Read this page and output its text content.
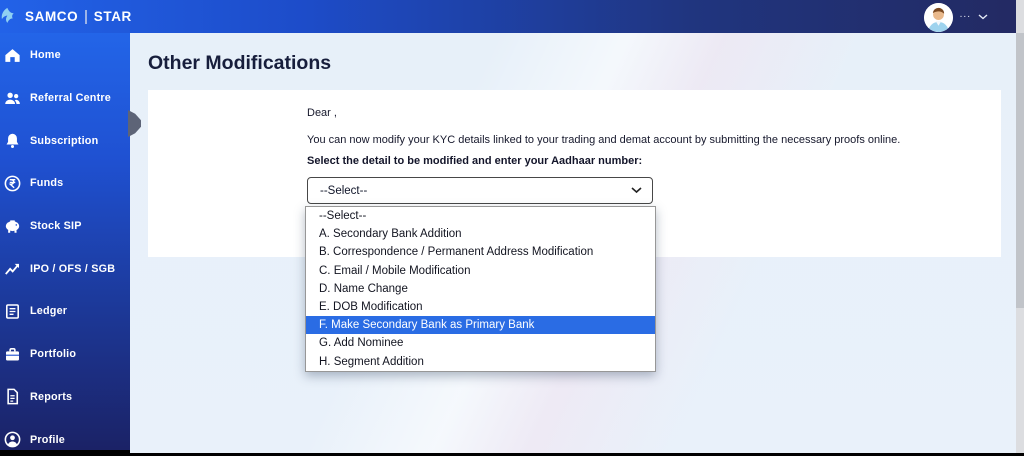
SAMCO STAR	...
Home
Referral Centre
Subscription
Funds
Stock SIP
IPO / OFS / SGB
Ledger
Portfolio
Reports
Profile
Other Modifications
Dear ,
You can now modify your KYC details linked to your trading and demat account by submitting the necessary proofs online.
Select the detail to be modified and enter your Aadhaar number:
--Select--
--Select--
A. Secondary Bank Addition
B. Correspondence / Permanent Address Modification
C. Email / Mobile Modification
D. Name Change
E. DOB Modification
F. Make Secondary Bank as Primary Bank
G. Add Nominee
H. Segment Addition
